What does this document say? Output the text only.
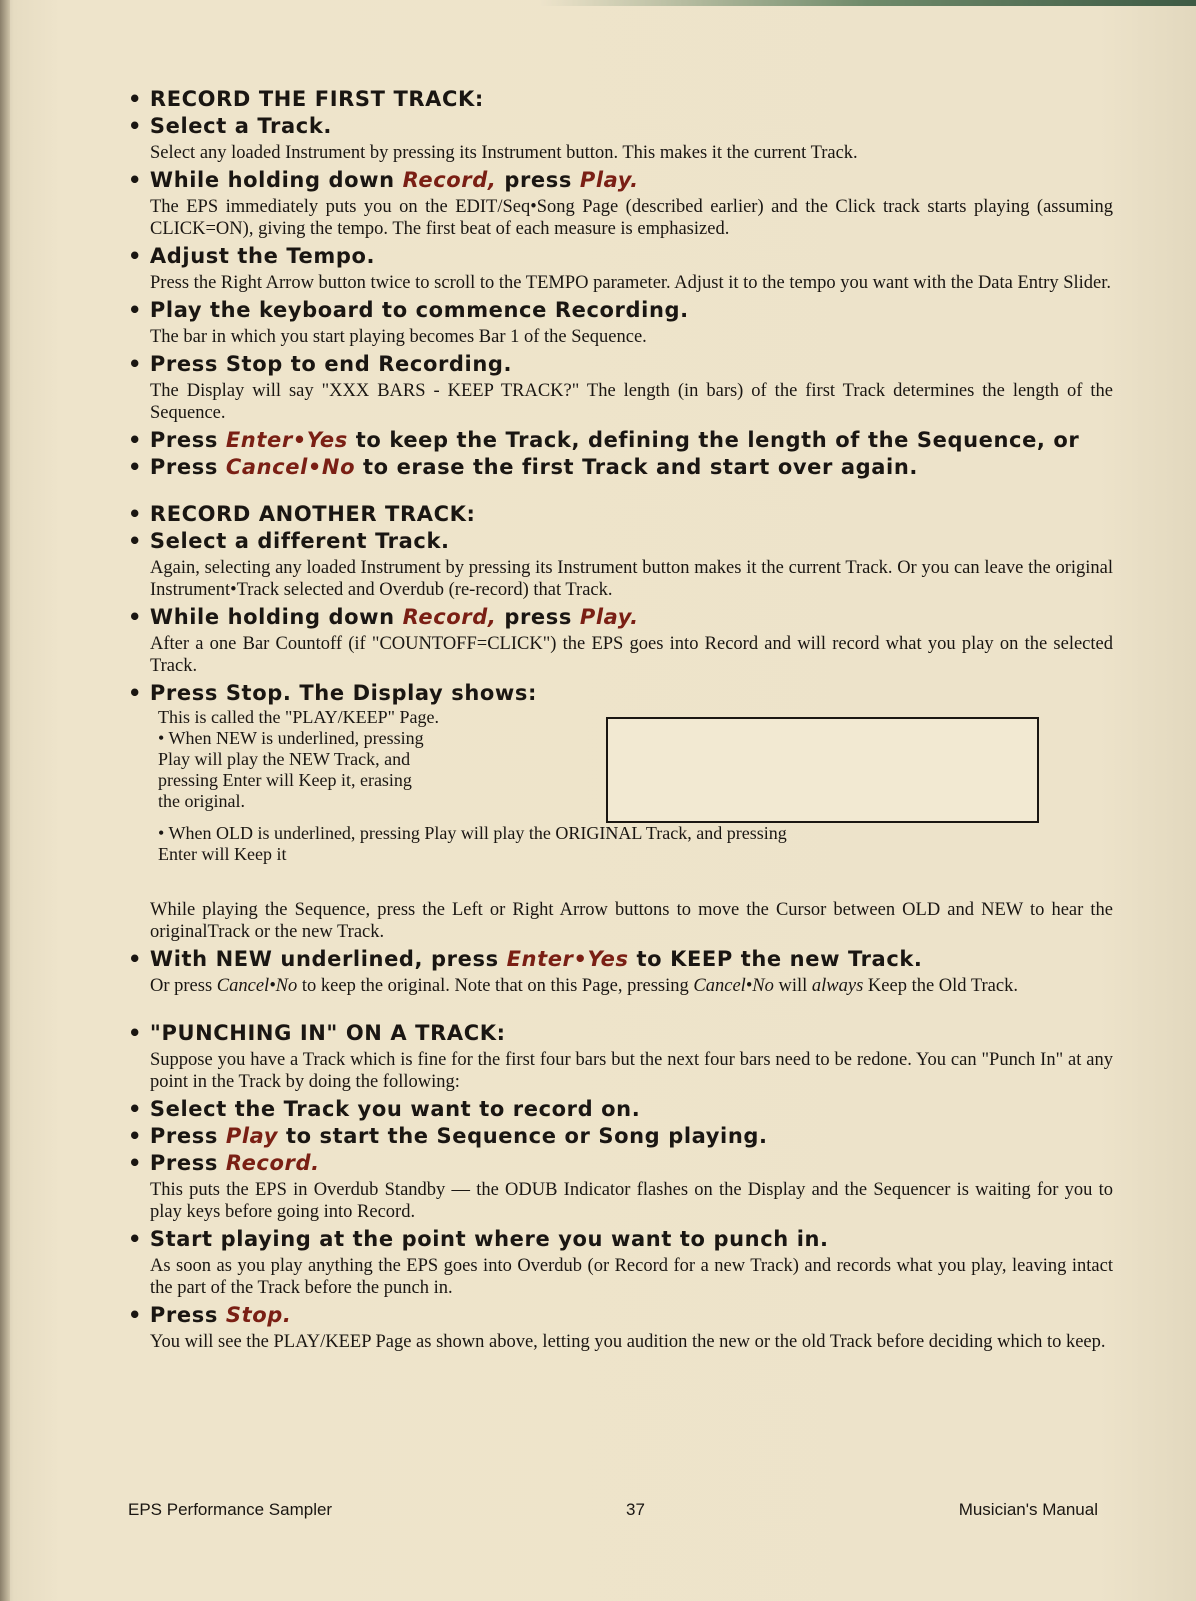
• RECORD THE FIRST TRACK:
• Select a Track.
Select any loaded Instrument by pressing its Instrument button. This makes it the current Track.
• While holding down Record, press Play.
The EPS immediately puts you on the EDIT/Seq•Song Page (described earlier) and the Click track starts playing (assuming CLICK=ON), giving the tempo. The first beat of each measure is emphasized.
• Adjust the Tempo.
Press the Right Arrow button twice to scroll to the TEMPO parameter. Adjust it to the tempo you want with the Data Entry Slider.
• Play the keyboard to commence Recording.
The bar in which you start playing becomes Bar 1 of the Sequence.
• Press Stop to end Recording.
The Display will say "XXX BARS - KEEP TRACK?" The length (in bars) of the first Track determines the length of the Sequence.
• Press Enter•Yes to keep the Track, defining the length of the Sequence, or
• Press Cancel•No to erase the first Track and start over again.
• RECORD ANOTHER TRACK:
• Select a different Track.
Again, selecting any loaded Instrument by pressing its Instrument button makes it the current Track. Or you can leave the original Instrument•Track selected and Overdub (re-record) that Track.
• While holding down Record, press Play.
After a one Bar Countoff (if "COUNTOFF=CLICK") the EPS goes into Record and will record what you play on the selected Track.
• Press Stop. The Display shows:
This is called the "PLAY/KEEP" Page.
• When NEW is underlined, pressing
Play will play the NEW Track, and
pressing Enter will Keep it, erasing
the original.
• When OLD is underlined, pressing Play will play the ORIGINAL Track, and pressing
Enter will Keep it
While playing the Sequence, press the Left or Right Arrow buttons to move the Cursor between OLD and NEW to hear the originalTrack or the new Track.
• With NEW underlined, press Enter•Yes to KEEP the new Track.
Or press Cancel•No to keep the original. Note that on this Page, pressing Cancel•No will always Keep the Old Track.
• "PUNCHING IN" ON A TRACK:
Suppose you have a Track which is fine for the first four bars but the next four bars need to be redone. You can "Punch In" at any point in the Track by doing the following:
• Select the Track you want to record on.
• Press Play to start the Sequence or Song playing.
• Press Record.
This puts the EPS in Overdub Standby — the ODUB Indicator flashes on the Display and the Sequencer is waiting for you to play keys before going into Record.
• Start playing at the point where you want to punch in.
As soon as you play anything the EPS goes into Overdub (or Record for a new Track) and records what you play, leaving intact the part of the Track before the punch in.
• Press Stop.
You will see the PLAY/KEEP Page as shown above, letting you audition the new or the old Track before deciding which to keep.
EPS Performance Sampler	37	Musician's Manual
